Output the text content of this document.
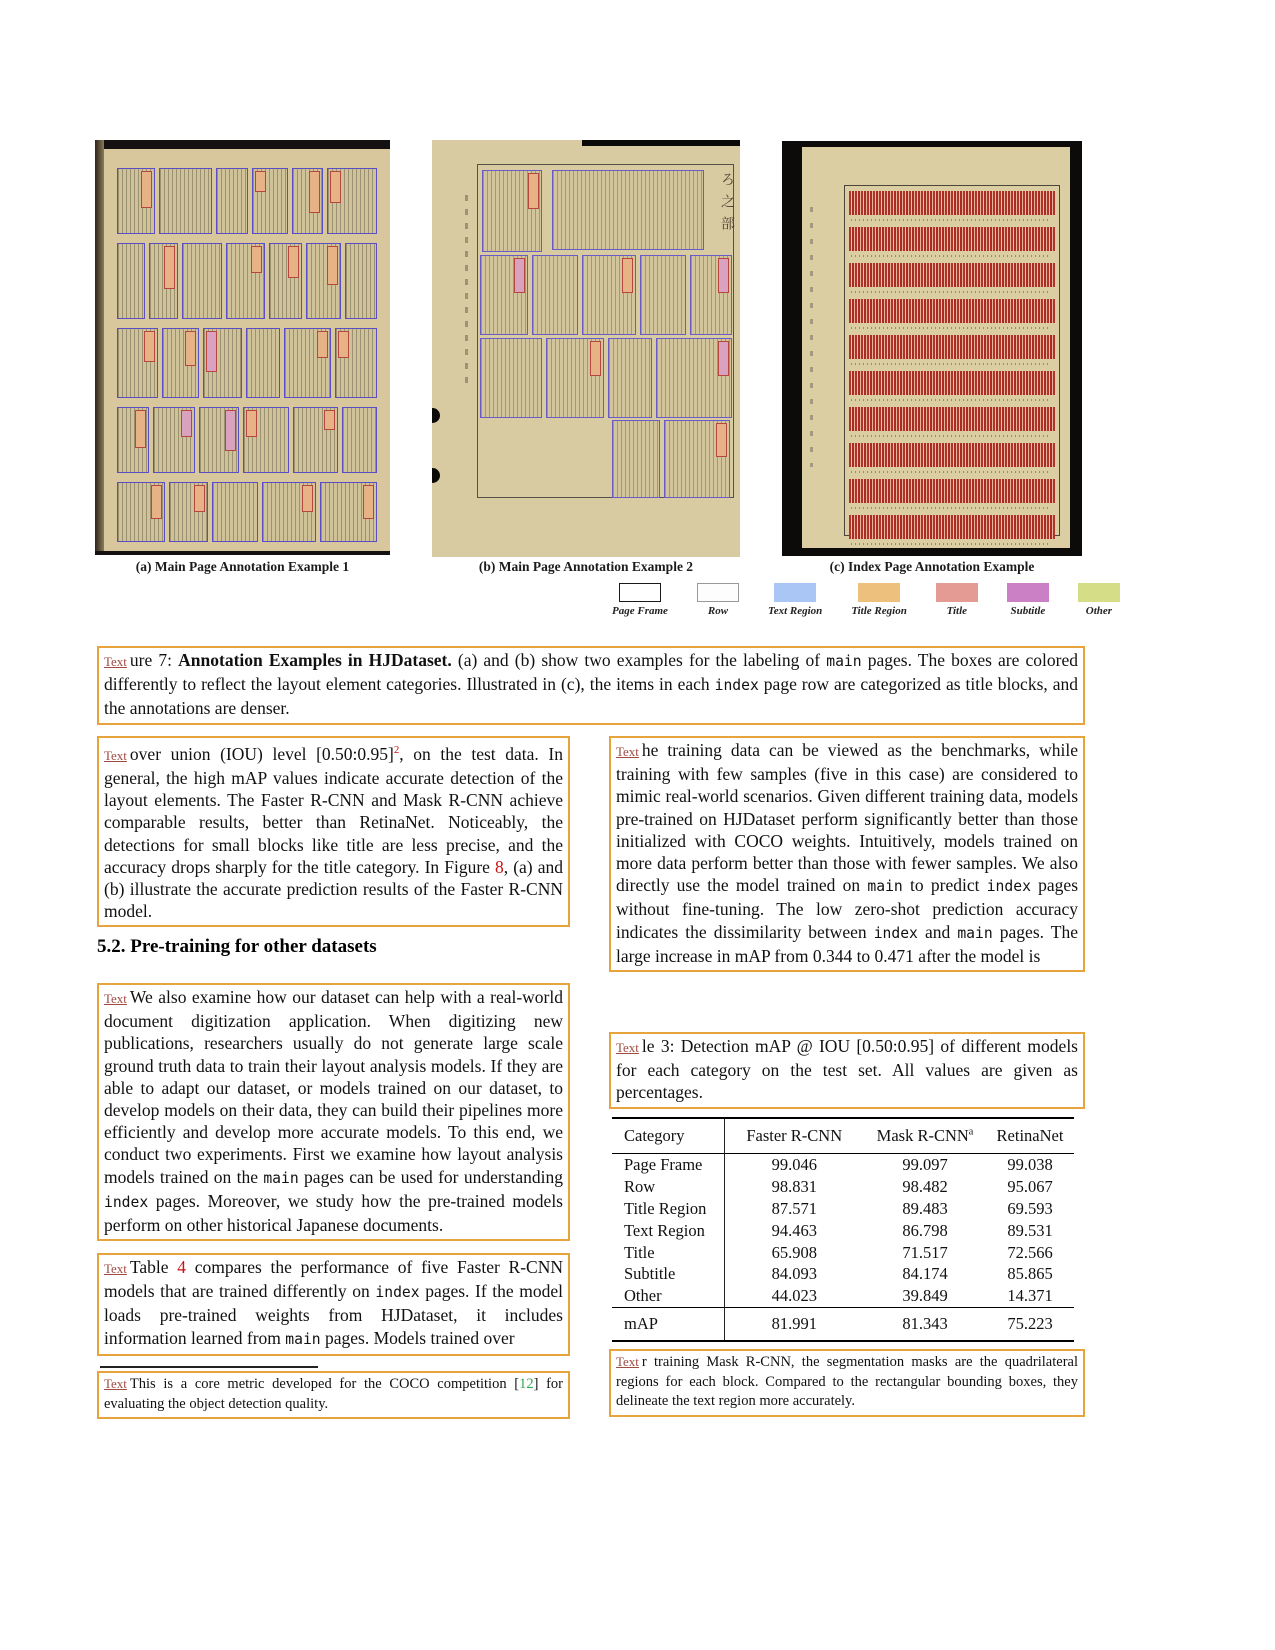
ろ之部
(a) Main Page Annotation Example 1	(b) Main Page Annotation Example 2	(c) Index Page Annotation Example
Page Frame	Row	Text Region	Title Region	Title	Subtitle	Other
Text ure 7: Annotation Examples in HJDataset. (a) and (b) show two examples for the labeling of main pages. The boxes are colored differently to reflect the layout element categories. Illustrated in (c), the items in each index page row are categorized as title blocks, and the annotations are denser.
Text over union (IOU) level [0.50:0.95]$^2$, on the test data. In general, the high mAP values indicate accurate detection of the layout elements. The Faster R-CNN and Mask R-CNN achieve comparable results, better than RetinaNet. Noticeably, the detections for small blocks like title are less precise, and the accuracy drops sharply for the title category. In Figure 8, (a) and (b) illustrate the accurate prediction results of the Faster R-CNN model.
5.2. Pre-training for other datasets
Text We also examine how our dataset can help with a real-world document digitization application. When digitizing new publications, researchers usually do not generate large scale ground truth data to train their layout analysis models. If they are able to adapt our dataset, or models trained on our dataset, to develop models on their data, they can build their pipelines more efficiently and develop more accurate models. To this end, we conduct two experiments. First we examine how layout analysis models trained on the main pages can be used for understanding index pages. Moreover, we study how the pre-trained models perform on other historical Japanese documents.
Text Table 4 compares the performance of five Faster R-CNN models that are trained differently on index pages. If the model loads pre-trained weights from HJDataset, it includes information learned from main pages. Models trained over
Text This is a core metric developed for the COCO competition [12] for evaluating the object detection quality.
Text he training data can be viewed as the benchmarks, while training with few samples (five in this case) are considered to mimic real-world scenarios. Given different training data, models pre-trained on HJDataset perform significantly better than those initialized with COCO weights. Intuitively, models trained on more data perform better than those with fewer samples. We also directly use the model trained on main to predict index pages without fine-tuning. The low zero-shot prediction accuracy indicates the dissimilarity between index and main pages. The large increase in mAP from 0.344 to 0.471 after the model is
Text le 3: Detection mAP @ IOU [0.50:0.95] of different models for each category on the test set. All values are given as percentages.
Category	Faster R-CNN	Mask R-CNN$^a$	RetinaNet
Page Frame	99.046	99.097	99.038
Row	98.831	98.482	95.067
Title Region	87.571	89.483	69.593
Text Region	94.463	86.798	89.531
Title	65.908	71.517	72.566
Subtitle	84.093	84.174	85.865
Other	44.023	39.849	14.371
mAP	81.991	81.343	75.223
Text r training Mask R-CNN, the segmentation masks are the quadrilateral regions for each block. Compared to the rectangular bounding boxes, they delineate the text region more accurately.
